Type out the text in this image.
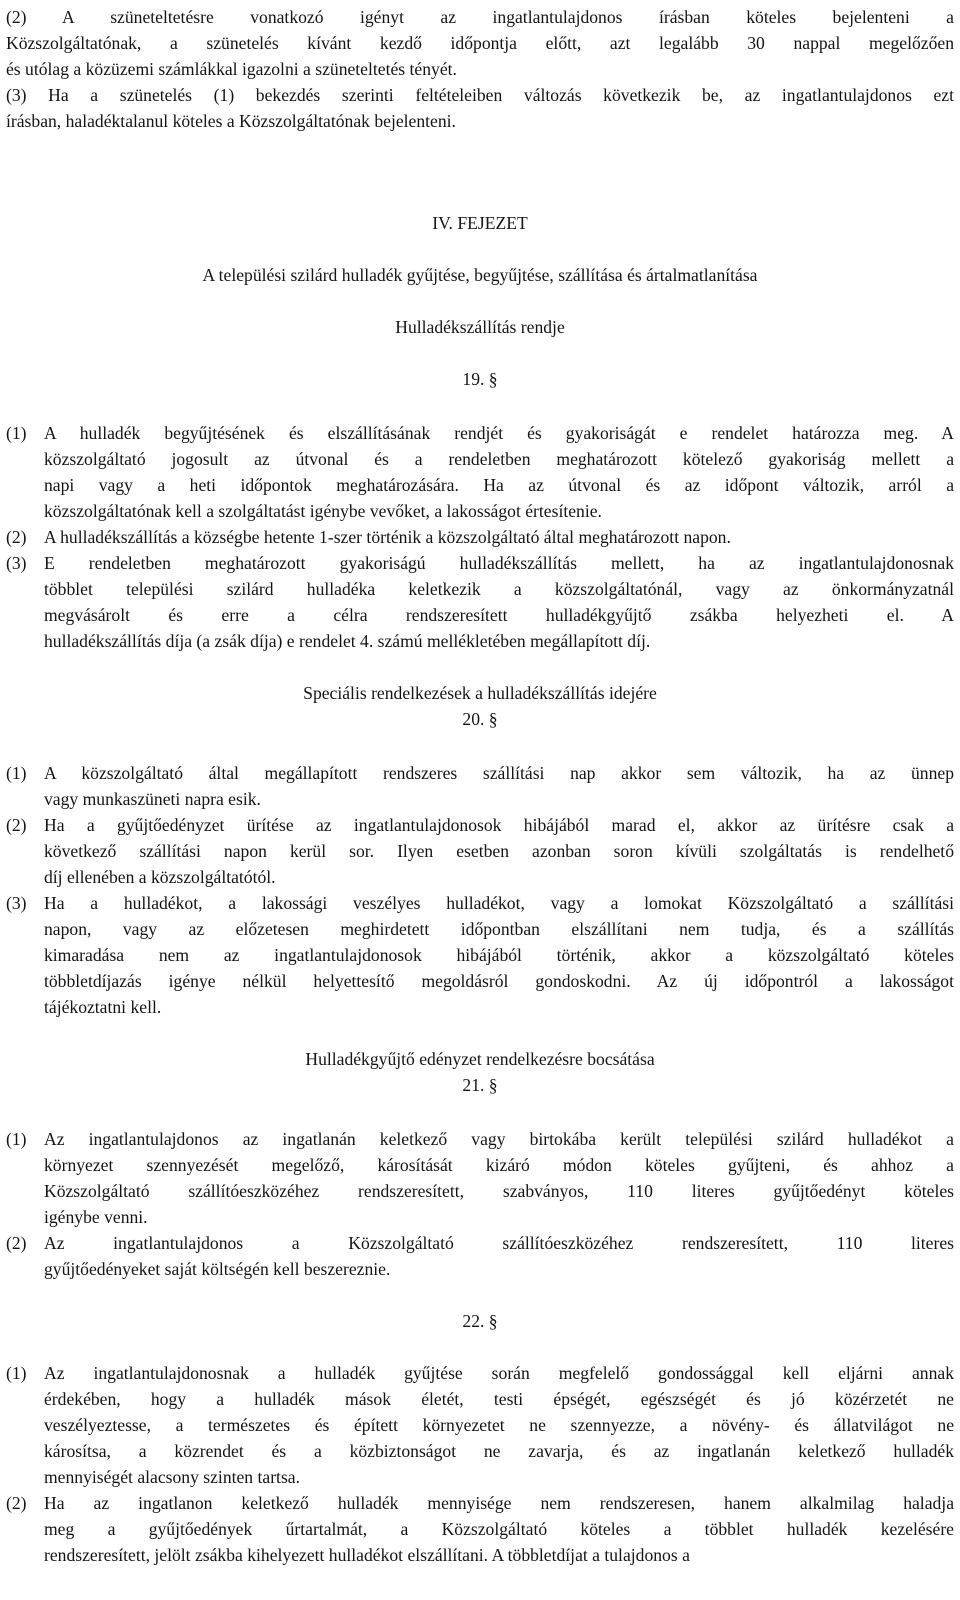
(2) A szüneteltetésre vonatkozó igényt az ingatlantulajdonos írásban köteles bejelenteni a
Közszolgáltatónak, a szünetelés kívánt kezdő időpontja előtt, azt legalább 30 nappal megelőzően
és utólag a közüzemi számlákkal igazolni a szüneteltetés tényét.
(3) Ha a szünetelés (1) bekezdés szerinti feltételeiben változás következik be, az ingatlantulajdonos ezt
írásban, haladéktalanul köteles a Közszolgáltatónak bejelenteni.
IV. FEJEZET
A települési szilárd hulladék gyűjtése, begyűjtése, szállítása és ártalmatlanítása
Hulladékszállítás rendje
19. §
(1) A hulladék begyűjtésének és elszállításának rendjét és gyakoriságát e rendelet határozza meg. A
közszolgáltató jogosult az útvonal és a rendeletben meghatározott kötelező gyakoriság mellett a
napi vagy a heti időpontok meghatározására. Ha az útvonal és az időpont változik, arról a
közszolgáltatónak kell a szolgáltatást igénybe vevőket, a lakosságot értesítenie.
(2) A hulladékszállítás a községbe hetente 1-szer történik a közszolgáltató által meghatározott napon.
(3) E rendeletben meghatározott gyakoriságú hulladékszállítás mellett, ha az ingatlantulajdonosnak
többlet települési szilárd hulladéka keletkezik a közszolgáltatónál, vagy az önkormányzatnál
megvásárolt és erre a célra rendszeresített hulladékgyűjtő zsákba helyezheti el. A
hulladékszállítás díja (a zsák díja) e rendelet 4. számú mellékletében megállapított díj.
Speciális rendelkezések a hulladékszállítás idejére
20. §
(1) A közszolgáltató által megállapított rendszeres szállítási nap akkor sem változik, ha az ünnep
vagy munkaszüneti napra esik.
(2) Ha a gyűjtőedényzet ürítése az ingatlantulajdonosok hibájából marad el, akkor az ürítésre csak a
következő szállítási napon kerül sor. Ilyen esetben azonban soron kívüli szolgáltatás is rendelhető
díj ellenében a közszolgáltatótól.
(3) Ha a hulladékot, a lakossági veszélyes hulladékot, vagy a lomokat Közszolgáltató a szállítási
napon, vagy az előzetesen meghirdetett időpontban elszállítani nem tudja, és a szállítás
kimaradása nem az ingatlantulajdonosok hibájából történik, akkor a közszolgáltató köteles
többletdíjazás igénye nélkül helyettesítő megoldásról gondoskodni. Az új időpontról a lakosságot
tájékoztatni kell.
Hulladékgyűjtő edényzet rendelkezésre bocsátása
21. §
(1) Az ingatlantulajdonos az ingatlanán keletkező vagy birtokába került települési szilárd hulladékot a
környezet szennyezését megelőző, károsítását kizáró módon köteles gyűjteni, és ahhoz a
Közszolgáltató szállítóeszközéhez rendszeresített, szabványos, 110 literes gyűjtőedényt köteles
igénybe venni.
(2) Az ingatlantulajdonos a Közszolgáltató szállítóeszközéhez rendszeresített, 110 literes
gyűjtőedényeket saját költségén kell beszereznie.
22. §
(1) Az ingatlantulajdonosnak a hulladék gyűjtése során megfelelő gondossággal kell eljárni annak
érdekében, hogy a hulladék mások életét, testi épségét, egészségét és jó közérzetét ne
veszélyeztesse, a természetes és épített környezetet ne szennyezze, a növény- és állatvilágot ne
károsítsa, a közrendet és a közbiztonságot ne zavarja, és az ingatlanán keletkező hulladék
mennyiségét alacsony szinten tartsa.
(2) Ha az ingatlanon keletkező hulladék mennyisége nem rendszeresen, hanem alkalmilag haladja
meg a gyűjtőedények űrtartalmát, a Közszolgáltató köteles a többlet hulladék kezelésére
rendszeresített, jelölt zsákba kihelyezett hulladékot elszállítani. A többletdíjat a tulajdonos a
